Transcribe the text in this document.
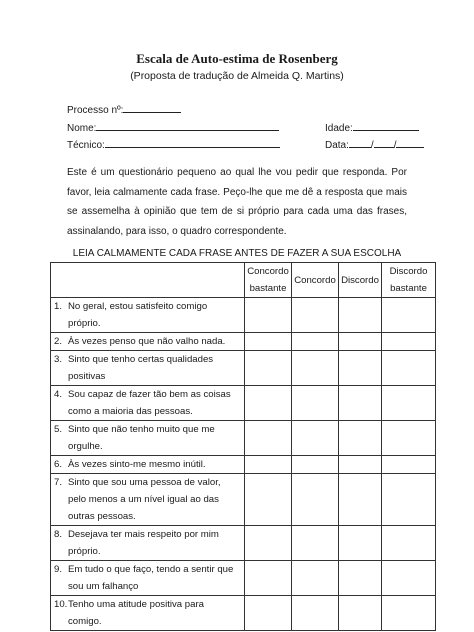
Escala de Auto-estima de Rosenberg
(Proposta de tradução de Almeida Q. Martins)
Processo nº:
Nome:
Técnico:
Idade:
Data: / /
Este é um questionário pequeno ao qual lhe vou pedir que responda. Por favor, leia calmamente cada frase. Peço-lhe que me dê a resposta que mais se assemelha à opinião que tem de si próprio para cada uma das frases, assinalando, para isso, o quadro correspondente.
LEIA CALMAMENTE CADA FRASE ANTES DE FAZER A SUA ESCOLHA
	Concordo bastante	Concordo	Discordo	Discordo bastante
1. No geral, estou satisfeito comigo próprio.				
2. Às vezes penso que não valho nada.				
3. Sinto que tenho certas qualidades positivas				
4. Sou capaz de fazer tão bem as coisas como a maioria das pessoas.				
5. Sinto que não tenho muito que me orgulhe.				
6. Às vezes sinto-me mesmo inútil.				
7. Sinto que sou uma pessoa de valor, pelo menos a um nível igual ao das outras pessoas.				
8. Desejava ter mais respeito por mim próprio.				
9. Em tudo o que faço, tendo a sentir que sou um falhanço				
10.Tenho uma atitude positiva para comigo.				
